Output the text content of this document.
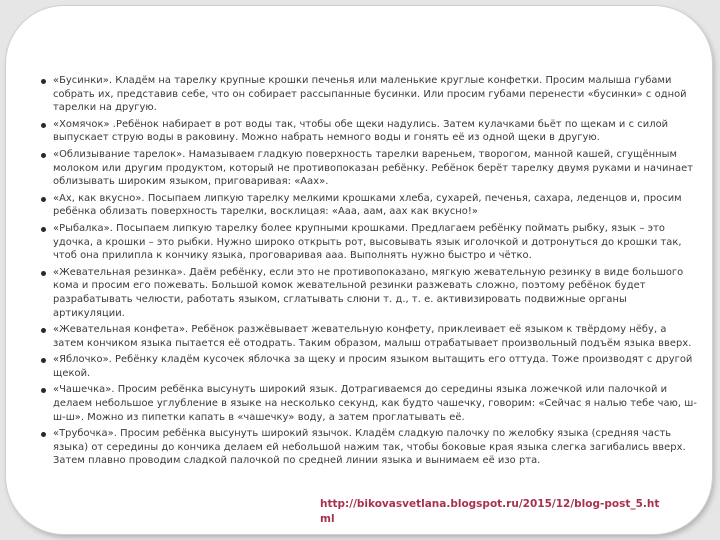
«Бусинки». Кладём на тарелку крупные крошки печенья или маленькие круглые конфетки. Просим малыша губами собрать их, представив себе, что он собирает рассыпанные бусинки. Или просим губами перенести «бусинки» с одной тарелки на другую.
«Хомячок» .Ребёнок набирает в рот воды так, чтобы обе щеки надулись. Затем кулачками бьёт по щекам и с силой выпускает струю воды в раковину. Можно набрать немного воды и гонять её из одной щеки в другую.
«Облизывание тарелок». Намазываем гладкую поверхность тарелки вареньем, творогом, манной кашей, сгущённым молоком или другим продуктом, который не противопоказан ребёнку. Ребёнок берёт тарелку двумя руками и начинает облизывать широким языком, приговаривая: «Аах».
«Ах, как вкусно». Посыпаем липкую тарелку мелкими крошками хлеба, сухарей, печенья, сахара, леденцов и, просим ребёнка облизать поверхность тарелки, восклицая: «Ааа, аам, аах как вкусно!»
«Рыбалка». Посыпаем липкую тарелку более крупными крошками. Предлагаем ребёнку поймать рыбку, язык – это удочка, а крошки – это рыбки. Нужно широко открыть рот, высовывать язык иголочкой и дотронуться до крошки так, чтоб она прилипла к кончику языка, проговаривая ааа. Выполнять нужно быстро и чётко.
«Жевательная резинка». Даём ребёнку, если это не противопоказано, мягкую жевательную резинку в виде большого кома и просим его пожевать. Большой комок жевательной резинки разжевать сложно, поэтому ребёнок будет разрабатывать челюсти, работать языком, сглатывать слюни т. д., т. е. активизировать подвижные органы артикуляции.
«Жевательная конфета». Ребёнок разжёвывает жевательную конфету, приклеивает её языком к твёрдому нёбу, а затем кончиком языка пытается её отодрать. Таким образом, малыш отрабатывает произвольный подъём языка вверх.
«Яблочко». Ребёнку кладём кусочек яблочка за щеку и просим языком вытащить его оттуда. Тоже производят с другой щекой.
«Чашечка». Просим ребёнка высунуть широкий язык. Дотрагиваемся до середины языка ложечкой или палочкой и делаем небольшое углубление в языке на несколько секунд, как будто чашечку, говорим: «Сейчас я налью тебе чаю, ш-ш-ш». Можно из пипетки капать в «чашечку» воду, а затем проглатывать её.
«Трубочка». Просим ребёнка высунуть широкий язычок. Кладём сладкую палочку по желобку языка (средняя часть языка) от середины до кончика делаем ей небольшой нажим так, чтобы боковые края языка слегка загибались вверх. Затем плавно проводим сладкой палочкой по средней линии языка и вынимаем её изо рта.
http://bikovasvetlana.blogspot.ru/2015/12/blog-post_5.html
